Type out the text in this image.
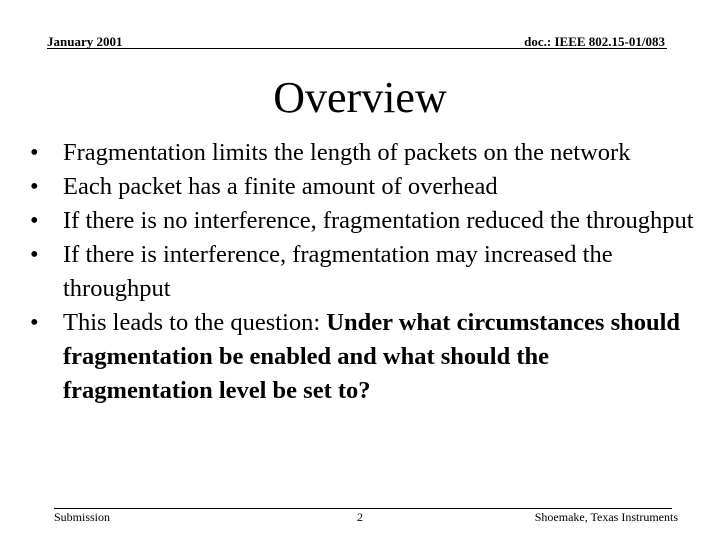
January 2001	doc.: IEEE 802.15-01/083
Overview
• Fragmentation limits the length of packets on the network
• Each packet has a finite amount of overhead
• If there is no interference, fragmentation reduced the throughput
• If there is interference, fragmentation may increased the throughput
• This leads to the question: Under what circumstances should fragmentation be enabled and what should the fragmentation level be set to?
Submission	2	Shoemake, Texas Instruments
